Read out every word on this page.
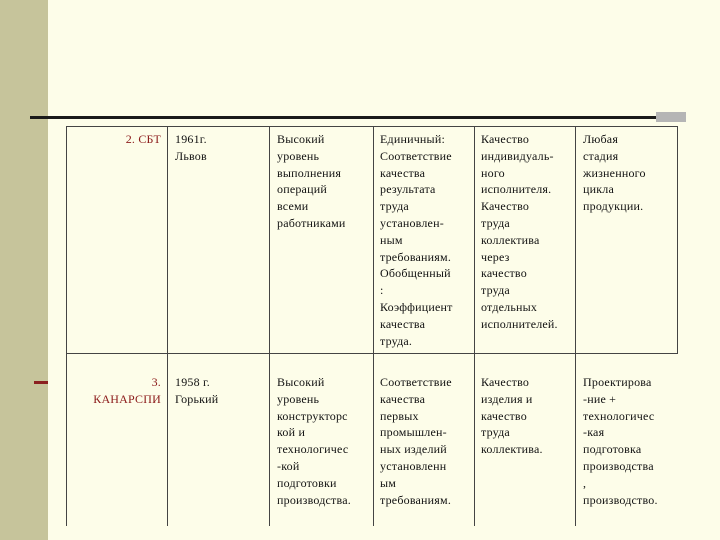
2. СБТ 1961г.
Львов
Высокий
уровень
выполнения
операций
всеми
работниками
Единичный:
Соответствие
качества
результата
труда
установлен-
ным
требованиям.
Обобщенный
:
Коэффициент
качества
труда.
Качество
индивидуаль-
ного
исполнителя.
Качество
труда
коллектива
через
качество
труда
отдельных
исполнителей.
Любая
стадия
жизненного
цикла
продукции.
3.
КАНАРСПИ
1958 г.
Горький
Высокий
уровень
конструкторс
кой и
технологичес
-кой
подготовки
производства.
Соответствие
качества
первых
промышлен-
ных изделий
установленн
ым
требованиям.
Качество
изделия и
качество
труда
коллектива.
Проектирова
-ние +
технологичес
-кая
подготовка
производства
,
производство.
